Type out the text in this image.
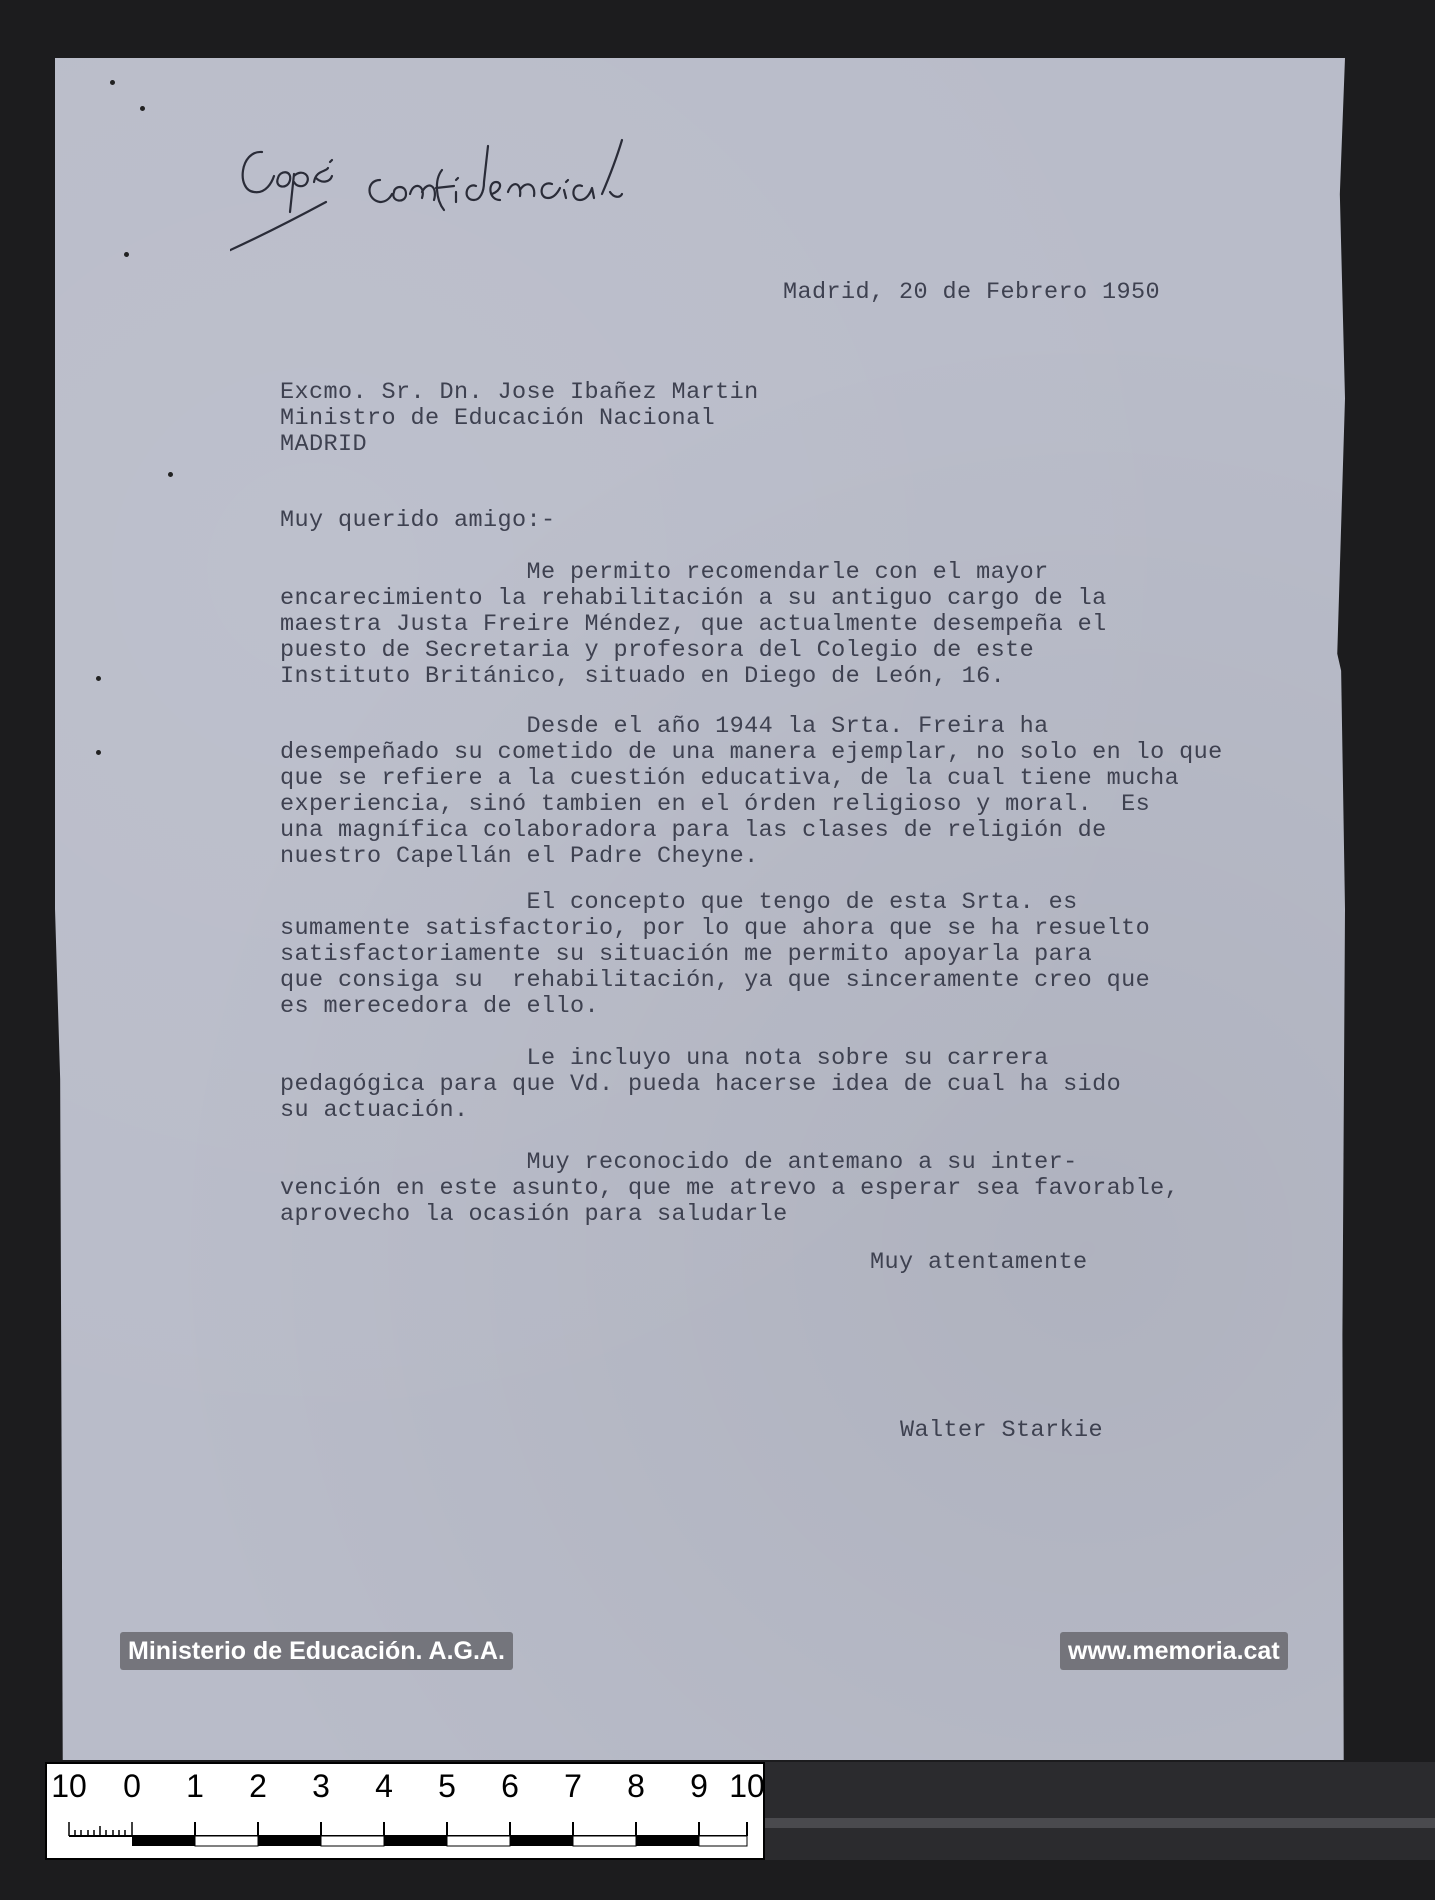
Madrid, 20 de Febrero 1950
Excmo. Sr. Dn. Jose Ibañez Martin
Ministro de Educación Nacional
MADRID
Muy querido amigo:-
Me permito recomendarle con el mayor
encarecimiento la rehabilitación a su antiguo cargo de la
maestra Justa Freire Méndez, que actualmente desempeña el
puesto de Secretaria y profesora del Colegio de este
Instituto Británico, situado en Diego de León, 16.
Desde el año 1944 la Srta. Freira ha
desempeñado su cometido de una manera ejemplar, no solo en lo que
que se refiere a la cuestión educativa, de la cual tiene mucha
experiencia, sinó tambien en el órden religioso y moral.  Es
una magnífica colaboradora para las clases de religión de
nuestro Capellán el Padre Cheyne.
El concepto que tengo de esta Srta. es
sumamente satisfactorio, por lo que ahora que se ha resuelto
satisfactoriamente su situación me permito apoyarla para
que consiga su  rehabilitación, ya que sinceramente creo que
es merecedora de ello.
Le incluyo una nota sobre su carrera
pedagógica para que Vd. pueda hacerse idea de cual ha sido
su actuación.
Muy reconocido de antemano a su inter-
vención en este asunto, que me atrevo a esperar sea favorable,
aprovecho la ocasión para saludarle
Muy atentamente
Walter Starkie
Ministerio de Educación. A.G.A.	www.memoria.cat
10 0 1 2 3 4 5 6 7 8 9 10
